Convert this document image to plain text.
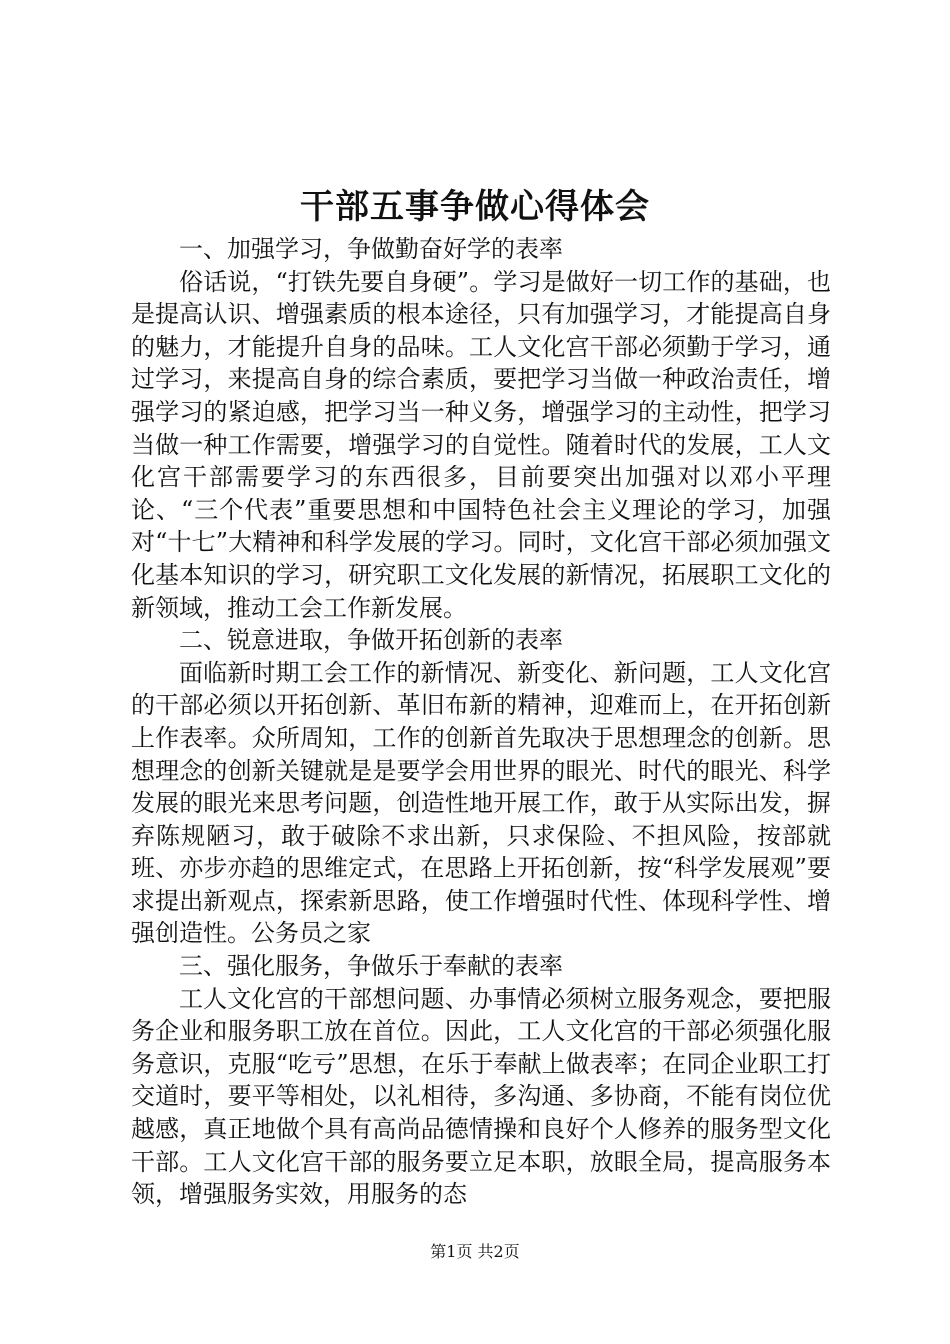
干部五事争做心得体会

一、加强学习，争做勤奋好学的表率

俗话说，“打铁先要自身硬”。学习是做好一切工作的基础，也是提高认识、增强素质的根本途径，只有加强学习，才能提高自身的魅力，才能提升自身的品味。工人文化宫干部必须勤于学习，通过学习，来提高自身的综合素质，要把学习当做一种政治责任，增强学习的紧迫感，把学习当一种义务，增强学习的主动性，把学习当做一种工作需要，增强学习的自觉性。随着时代的发展，工人文化宫干部需要学习的东西很多，目前要突出加强对以邓小平理论、“三个代表”重要思想和中国特色社会主义理论的学习，加强对“十七”大精神和科学发展的学习。同时，文化宫干部必须加强文化基本知识的学习，研究职工文化发展的新情况，拓展职工文化的新领域，推动工会工作新发展。

二、锐意进取，争做开拓创新的表率

面临新时期工会工作的新情况、新变化、新问题，工人文化宫的干部必须以开拓创新、革旧布新的精神，迎难而上，在开拓创新上作表率。众所周知，工作的创新首先取决于思想理念的创新。思想理念的创新关键就是是要学会用世界的眼光、时代的眼光、科学发展的眼光来思考问题，创造性地开展工作，敢于从实际出发，摒弃陈规陋习，敢于破除不求出新，只求保险、不担风险，按部就班、亦步亦趋的思维定式，在思路上开拓创新，按“科学发展观”要求提出新观点，探索新思路，使工作增强时代性、体现科学性、增强创造性。公务员之家

三、强化服务，争做乐于奉献的表率

工人文化宫的干部想问题、办事情必须树立服务观念，要把服务企业和服务职工放在首位。因此，工人文化宫的干部必须强化服务意识，克服“吃亏”思想，在乐于奉献上做表率；在同企业职工打交道时，要平等相处，以礼相待，多沟通、多协商，不能有岗位优越感，真正地做个具有高尚品德情操和良好个人修养的服务型文化干部。工人文化宫干部的服务要立足本职，放眼全局，提高服务本领，增强服务实效，用服务的态

第1页 共2页
